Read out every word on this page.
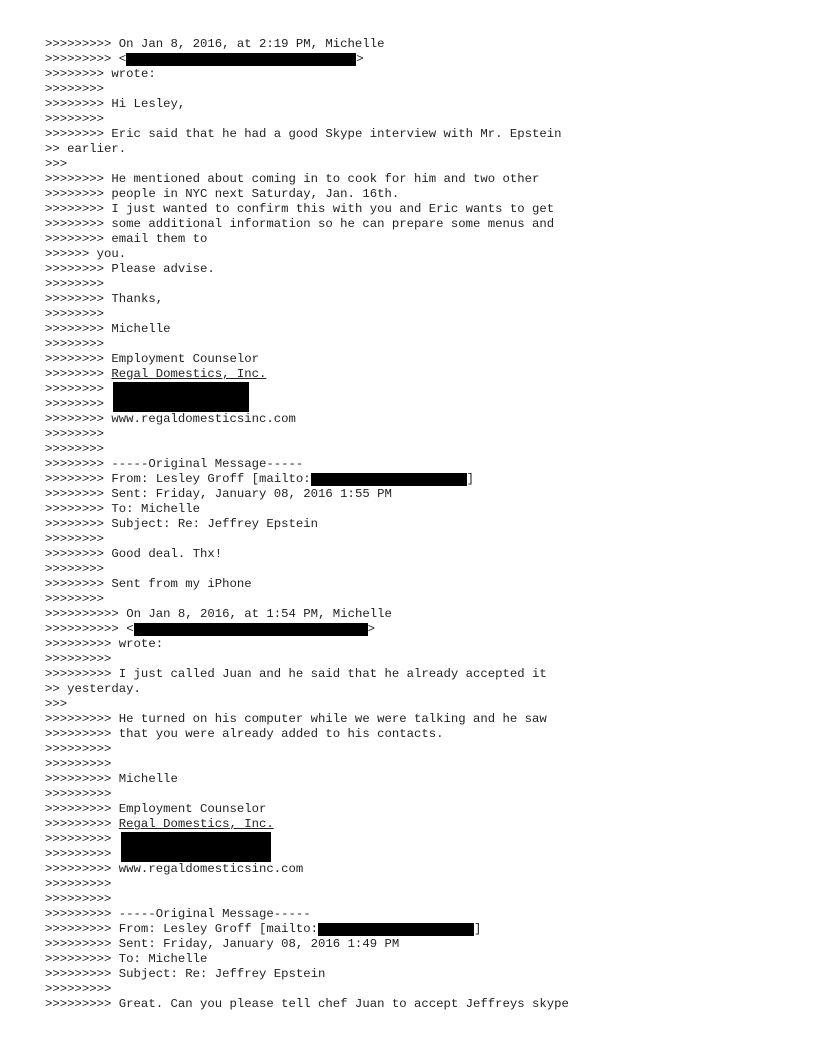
>>>>>>>>> On Jan 8, 2016, at 2:19 PM, Michelle
>>>>>>>>> <	>
>>>>>>>> wrote:
>>>>>>>>
>>>>>>>> Hi Lesley,
>>>>>>>>
>>>>>>>> Eric said that he had a good Skype interview with Mr. Epstein
>> earlier.
>>>
>>>>>>>> He mentioned about coming in to cook for him and two other
>>>>>>>> people in NYC next Saturday, Jan. 16th.
>>>>>>>> I just wanted to confirm this with you and Eric wants to get
>>>>>>>> some additional information so he can prepare some menus and
>>>>>>>> email them to
>>>>>> you.
>>>>>>>> Please advise.
>>>>>>>>
>>>>>>>> Thanks,
>>>>>>>>
>>>>>>>> Michelle
>>>>>>>>
>>>>>>>> Employment Counselor
>>>>>>>> Regal Domestics, Inc.
>>>>>>>>
>>>>>>>>
>>>>>>>> www.regaldomesticsinc.com
>>>>>>>>
>>>>>>>>
>>>>>>>> -----Original Message-----
>>>>>>>> From: Lesley Groff [mailto:	]
>>>>>>>> Sent: Friday, January 08, 2016 1:55 PM
>>>>>>>> To: Michelle
>>>>>>>> Subject: Re: Jeffrey Epstein
>>>>>>>>
>>>>>>>> Good deal. Thx!
>>>>>>>>
>>>>>>>> Sent from my iPhone
>>>>>>>>
>>>>>>>>>> On Jan 8, 2016, at 1:54 PM, Michelle
>>>>>>>>>> <	>
>>>>>>>>> wrote:
>>>>>>>>>
>>>>>>>>> I just called Juan and he said that he already accepted it
>> yesterday.
>>>
>>>>>>>>> He turned on his computer while we were talking and he saw
>>>>>>>>> that you were already added to his contacts.
>>>>>>>>>
>>>>>>>>>
>>>>>>>>> Michelle
>>>>>>>>>
>>>>>>>>> Employment Counselor
>>>>>>>>> Regal Domestics, Inc.
>>>>>>>>>
>>>>>>>>>
>>>>>>>>> www.regaldomesticsinc.com
>>>>>>>>>
>>>>>>>>>
>>>>>>>>> -----Original Message-----
>>>>>>>>> From: Lesley Groff [mailto:	]
>>>>>>>>> Sent: Friday, January 08, 2016 1:49 PM
>>>>>>>>> To: Michelle
>>>>>>>>> Subject: Re: Jeffrey Epstein
>>>>>>>>>
>>>>>>>>> Great. Can you please tell chef Juan to accept Jeffreys skype
